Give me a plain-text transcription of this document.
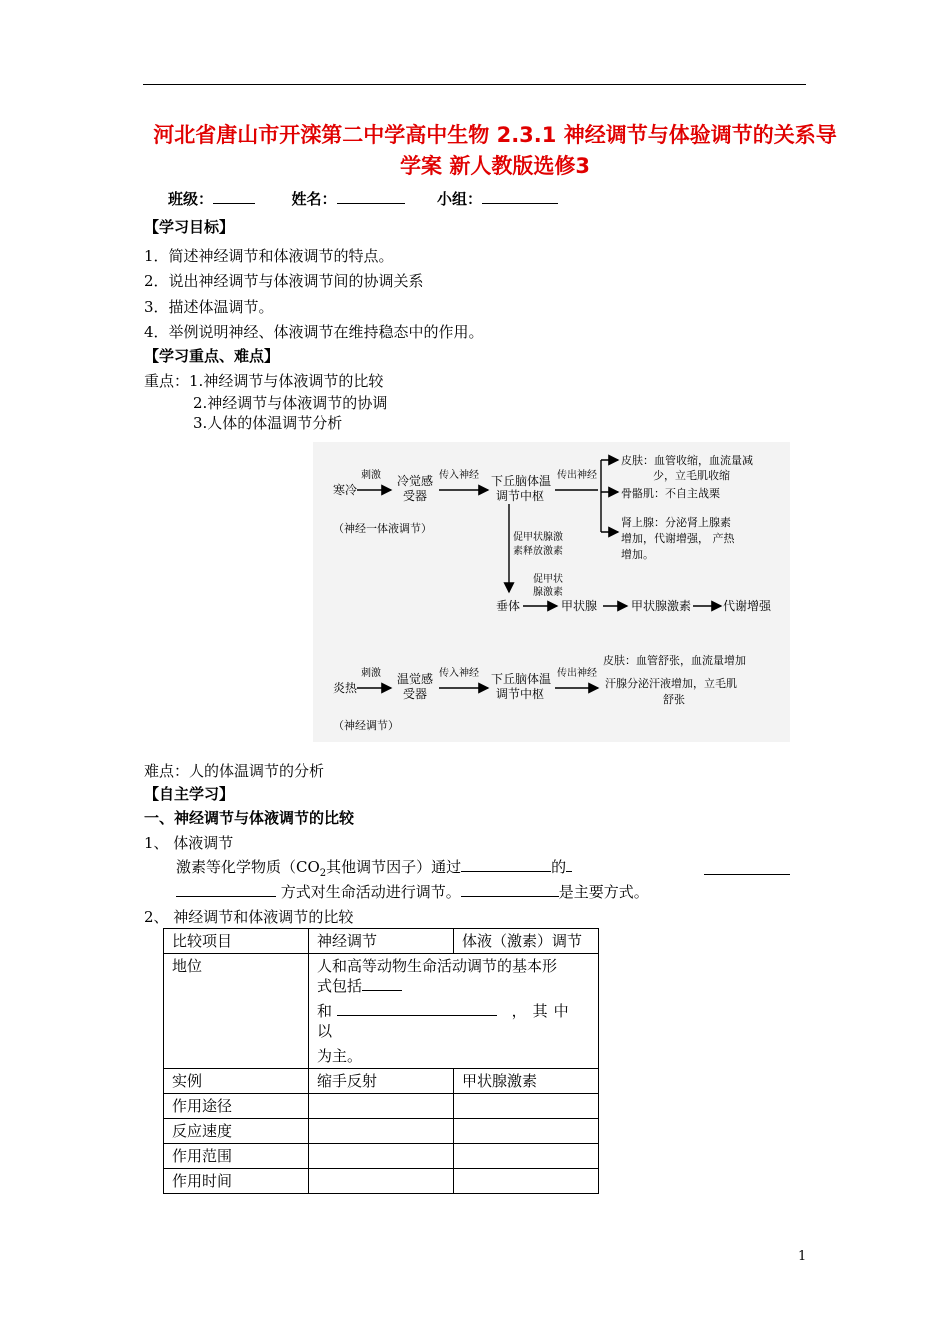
河北省唐山市开滦第二中学高中生物 2.3.1 神经调节与体验调节的关系导学案 新人教版选修3
班级：	姓名：	小组：
【学习目标】
1．简述神经调节和体液调节的特点。
2．说出神经调节与体液调节间的协调关系
3．描述体温调节。
4．举例说明神经、体液调节在维持稳态中的作用。
【学习重点、难点】
重点：1.神经调节与体液调节的比较
2.神经调节与体液调节的协调
3.人体的体温调节分析
寒冷
刺激 冷觉感
受器
传入神经 下丘脑体温
调节中枢
传出神经
皮肤：血管收缩，血流量减
少，立毛肌收缩
骨骼肌：不自主战栗
肾上腺：分泌肾上腺素
增加，代谢增强， 产热
增加。
（神经一体液调节）
促甲状腺激
素释放激素
垂体
促甲状
腺激素
甲状腺	甲状腺激素	代谢增强
炎热
刺激 温觉感
受器
传入神经 下丘脑体温
调节中枢
传出神经
皮肤：血管舒张，血流量增加
汗腺分泌汗液增加，立毛肌
舒张
（神经调节）
难点：人的体温调节的分析
【自主学习】
一、神经调节与体液调节的比较
1、 体液调节
激素等化学物质（$CO_2$其他调节因子）通过	的
方式对生命活动进行调节。	是主要方式。
2、 神经调节和体液调节的比较
比较项目	神经调节	体液（激素）调节
地位	人和高等动物生命活动调节的基本形
式包括
和 ，其中以
为主。	

实例	缩手反射	甲状腺激素
作用途径		
反应速度		
作用范围		
作用时间		
1
